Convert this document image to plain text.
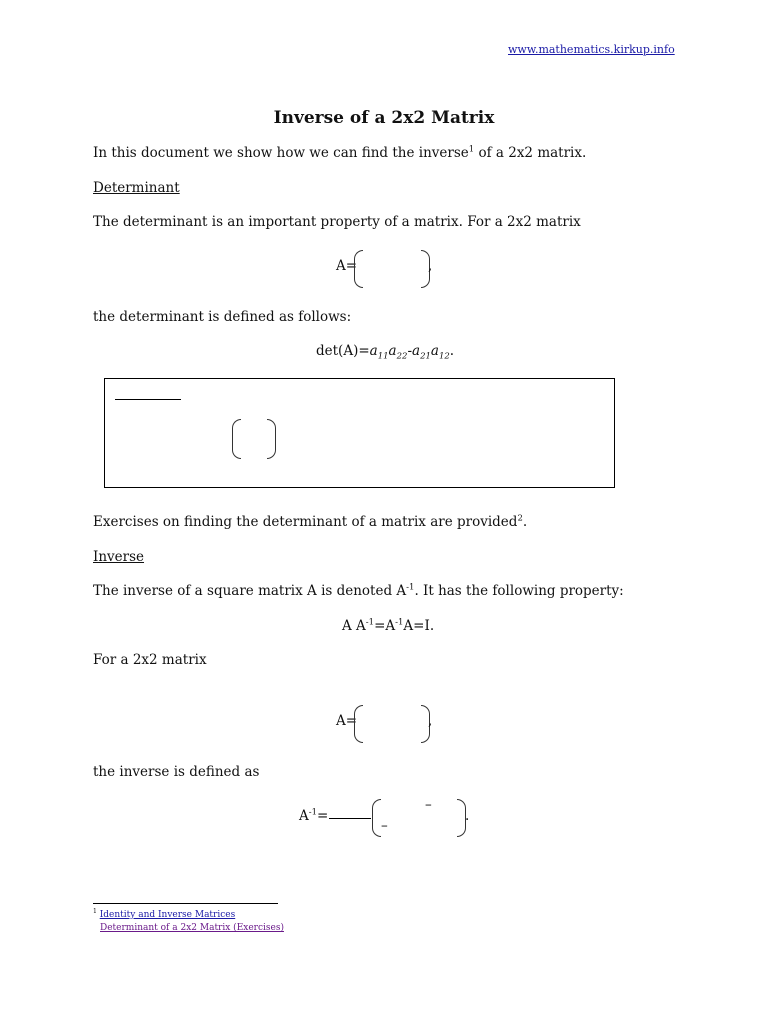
www.mathematics.kirkup.info
Inverse of a 2x2 Matrix
In this document we show how we can find the inverse$^1$ of a 2x2 matrix.
Determinant
The determinant is an important property of a matrix. For a 2x2 matrix
A=	,
the determinant is defined as follows:
$\det(A)=a_{11}a_{22}-a_{21}a_{12}$.
Exercises on finding the determinant of a matrix are provided$^2$.
Inverse
The inverse of a square matrix A is denoted $A^{-1}$. It has the following property:
A $A^{-1}=A^{-1}A=I$.
For a 2x2 matrix
A=	,
the inverse is defined as
$A^{-1}=$
–
–
.
$^1$ Identity and Inverse Matrices
Determinant of a 2x2 Matrix (Exercises)
